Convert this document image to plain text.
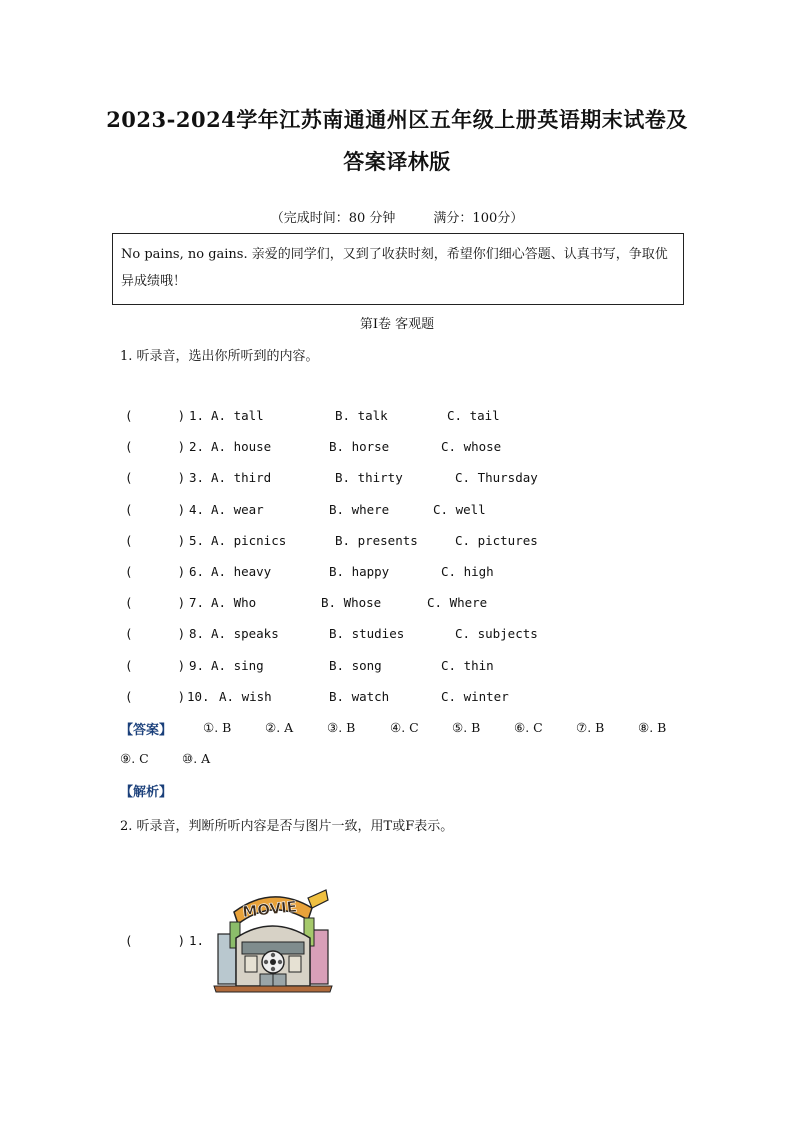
2023-2024学年江苏南通通州区五年级上册英语期末试卷及
答案译林版
（完成时间：80 分钟	满分：100分）
No pains, no gains. 亲爱的同学们，又到了收获时刻，希望你们细心答题、认真书写，争取优异成绩哦！
第Ⅰ卷 客观题
1. 听录音，选出你所听到的内容。
(      ) 1. A. tall	B. talk	C. tail
(      ) 2. A. house	B. horse	C. whose
(      ) 3. A. third	B. thirty	C. Thursday
(      ) 4. A. wear	B. where	C. well
(      ) 5. A. picnics	B. presents	C. pictures
(      ) 6. A. heavy	B. happy	C. high
(      ) 7. A. Who	B. Whose	C. Where
(      ) 8. A. speaks	B. studies	C. subjects
(      ) 9. A. sing	B. song	C. thin
(      ) 10. A. wish	B. watch	C. winter
【答案】 ①. B	②. A	③. B	④. C	⑤. B	⑥. C	⑦. B	⑧. B
⑨. C	⑩. A
【解析】
2. 听录音，判断所听内容是否与图片一致，用T或F表示。

(      )

1.

MOVIE
